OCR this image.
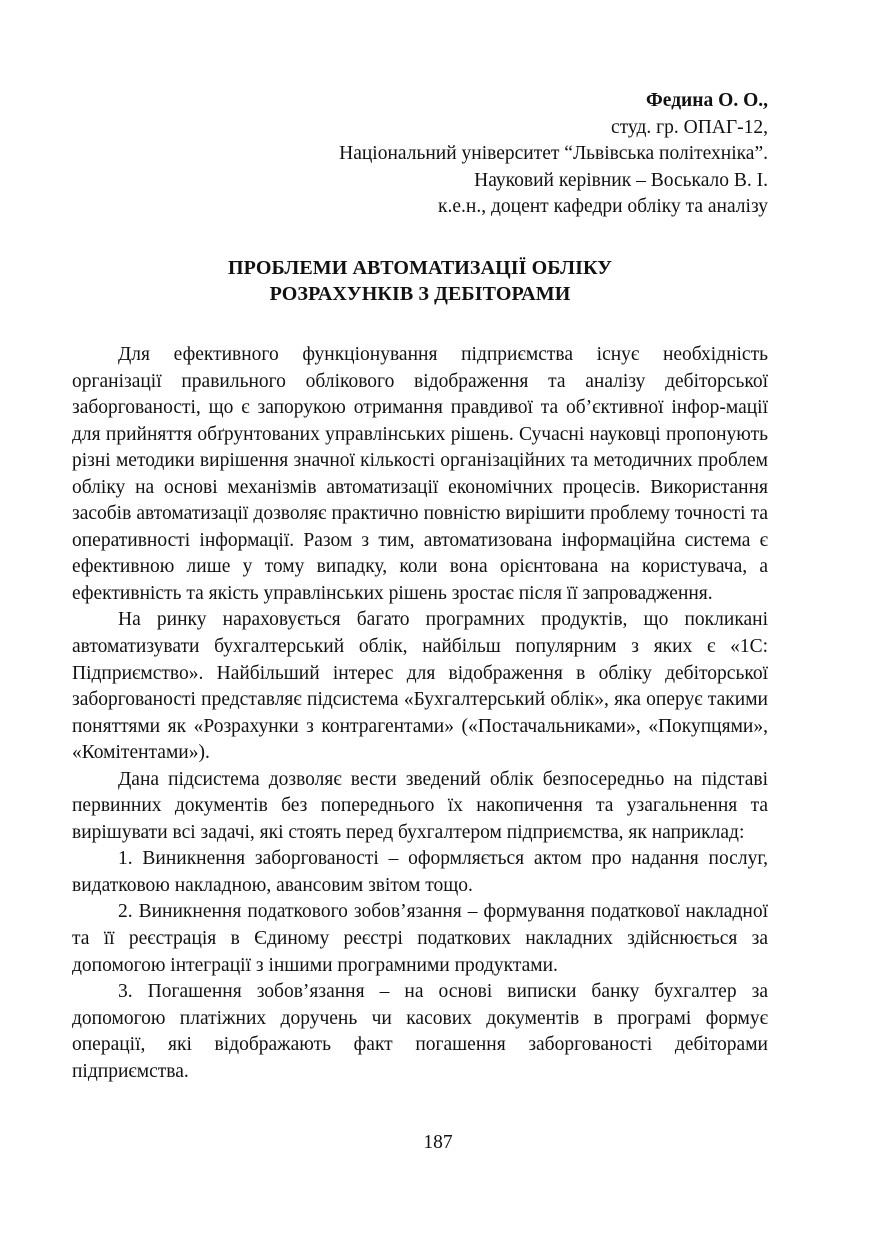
Федина О. О.,
студ. гр. ОПАГ-12,
Національний університет “Львівська політехніка”.
Науковий керівник – Воськало В. І.
к.е.н., доцент кафедри обліку та аналізу
ПРОБЛЕМИ АВТОМАТИЗАЦІЇ ОБЛІКУ
РОЗРАХУНКІВ З ДЕБІТОРАМИ

Для ефективного функціонування підприємства існує необхідність організації правильного облікового відображення та аналізу дебіторської заборгованості, що є запорукою отримання правдивої та об’єктивної інфор-мації для прийняття обґрунтованих управлінських рішень. Сучасні науковці пропонують різні методики вирішення значної кількості організаційних та методичних проблем обліку на основі механізмів автоматизації економічних процесів. Використання засобів автоматизації дозволяє практично повністю вирішити проблему точності та оперативності інформації. Разом з тим, автоматизована інформаційна система є ефективною лише у тому випадку, коли вона орієнтована на користувача, а ефективність та якість управлінських рішень зростає після її запровадження.

На ринку нараховується багато програмних продуктів, що покликані автоматизувати бухгалтерський облік, найбільш популярним з яких є «1С: Підприємство». Найбільший інтерес для відображення в обліку дебіторської заборгованості представляє підсистема «Бухгалтерський облік», яка оперує такими поняттями як «Розрахунки з контрагентами» («Постачальниками», «Покупцями», «Комітентами»).

Дана підсистема дозволяє вести зведений облік безпосередньо на підставі первинних документів без попереднього їх накопичення та узагальнення та вирішувати всі задачі, які стоять перед бухгалтером підприємства, як наприклад:

1. Виникнення заборгованості – оформляється актом про надання послуг, видатковою накладною, авансовим звітом тощо.

2. Виникнення податкового зобов’язання – формування податкової накладної та її реєстрація в Єдиному реєстрі податкових накладних здійснюється за допомогою інтеграції з іншими програмними продуктами.

3. Погашення зобов’язання – на основі виписки банку бухгалтер за допомогою платіжних доручень чи касових документів в програмі формує операції, які відображають факт погашення заборгованості дебіторами підприємства.

187
